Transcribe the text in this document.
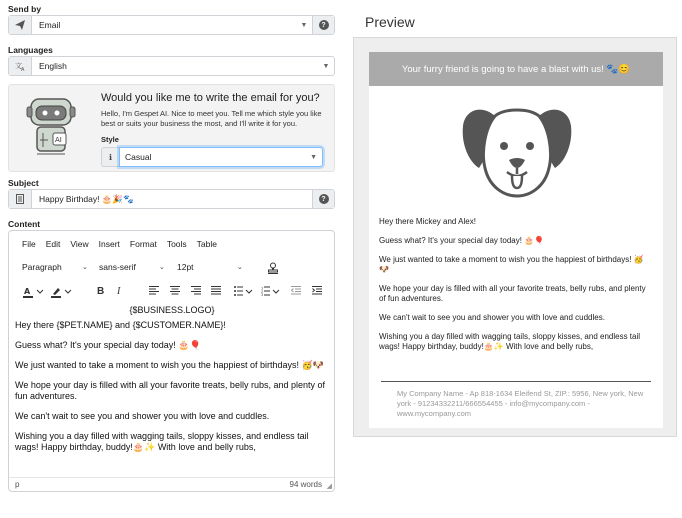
Send by
Email	▼	?
Languages
文 A	English	▼
AI
Would you like me to write the email for you?
Hello, I'm Gespet AI. Nice to meet you. Tell me which style you like best or suits your business the most, and I'll write it for you.
Style
ℹ	Casual	▼
Subject
Happy Birthday! 🎂🎉🐾	?
Content
File Edit View Insert Format Tools Table
Paragraph	⌄ sans-serif	⌄ 12pt	⌄
A	B I	1
2
3

{$BUSINESS.LOGO}

Hey there {$PET.NAME} and {$CUSTOMER.NAME}!

Guess what? It's your special day today! 🎂🎈

We just wanted to take a moment to wish you the happiest of birthdays! 🥳🐶

We hope your day is filled with all your favorite treats, belly rubs, and plenty of fun adventures.

We can't wait to see you and shower you with love and cuddles.

Wishing you a day filled with wagging tails, sloppy kisses, and endless tail wags! Happy birthday, buddy!🎂✨ With love and belly rubs,

p	94 words ◢
Preview
Your furry friend is going to have a blast with us! 🐾😊

Hey there Mickey and Alex!

Guess what? It's your special day today! 🎂🎈

We just wanted to take a moment to wish you the happiest of birthdays! 🥳🐶

We hope your day is filled with all your favorite treats, belly rubs, and plenty of fun adventures.

We can't wait to see you and shower you with love and cuddles.

Wishing you a day filled with wagging tails, sloppy kisses, and endless tail wags! Happy birthday, buddy!🎂✨ With love and belly rubs,

My Company Name - Ap 818-1634 Eleifend St, ZIP.: 5956, New york, New york - 91234332211/666554455 - info@mycompany.com - www.mycompany.com
